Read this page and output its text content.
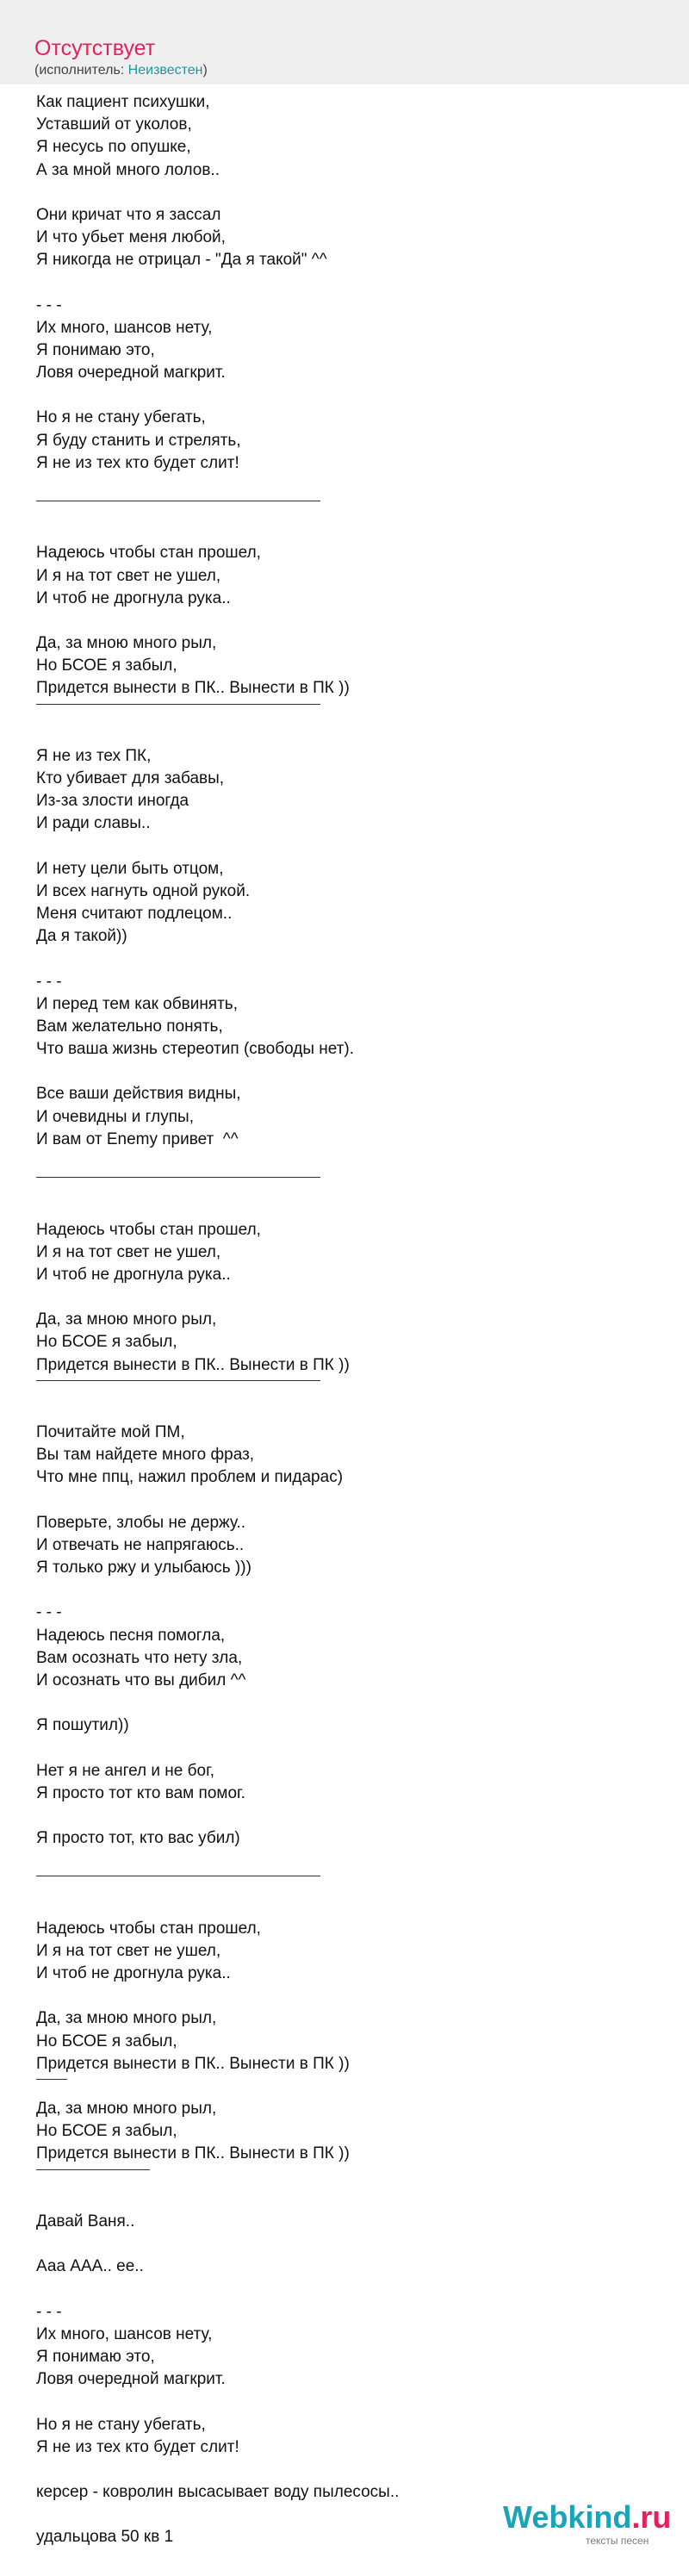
Отсутствует
(исполнитель: Неизвестен)
Как пациент психушки,
Уставший от уколов,
Я несусь по опушке,
А за мной много лолов..
Они кричат что я зассал
И что убьет меня любой,
Я никогда не отрицал - "Да я такой" ^^
- - -
Их много, шансов нету,
Я понимаю это,
Ловя очередной магкрит.
Но я не стану убегать,
Я буду станить и стрелять,
Я не из тех кто будет слит!
Надеюсь чтобы стан прошел,
И я на тот свет не ушел,
И чтоб не дрогнула рука..
Да, за мною много рыл,
Но БСОЕ я забыл,
Придется вынести в ПК.. Вынести в ПК ))
Я не из тех ПК,
Кто убивает для забавы,
Из-за злости иногда
И ради славы..
И нету цели быть отцом,
И всех нагнуть одной рукой.
Меня считают подлецом..
Да я такой))
- - -
И перед тем как обвинять,
Вам желательно понять,
Что ваша жизнь стереотип (свободы нет).
Все ваши действия видны,
И очевидны и глупы,
И вам от Enemy привет  ^^
Надеюсь чтобы стан прошел,
И я на тот свет не ушел,
И чтоб не дрогнула рука..
Да, за мною много рыл,
Но БСОЕ я забыл,
Придется вынести в ПК.. Вынести в ПК ))
Почитайте мой ПМ,
Вы там найдете много фраз,
Что мне ппц, нажил проблем и пидарас)
Поверьте, злобы не держу..
И отвечать не напрягаюсь..
Я только ржу и улыбаюсь )))
- - -
Надеюсь песня помогла,
Вам осознать что нету зла,
И осознать что вы дибил ^^
Я пошутил))
Нет я не ангел и не бог,
Я просто тот кто вам помог.
Я просто тот, кто вас убил)
Надеюсь чтобы стан прошел,
И я на тот свет не ушел,
И чтоб не дрогнула рука..
Да, за мною много рыл,
Но БСОЕ я забыл,
Придется вынести в ПК.. Вынести в ПК ))
Да, за мною много рыл,
Но БСОЕ я забыл,
Придется вынести в ПК.. Вынести в ПК ))
Давай Ваня..
Ааа ААА.. ее..
- - -
Их много, шансов нету,
Я понимаю это,
Ловя очередной магкрит.
Но я не стану убегать,
Я не из тех кто будет слит!
керсер - ковролин высасывает воду пылесосы..
удальцова 50 кв 1
Webkind.ru
тексты песен
